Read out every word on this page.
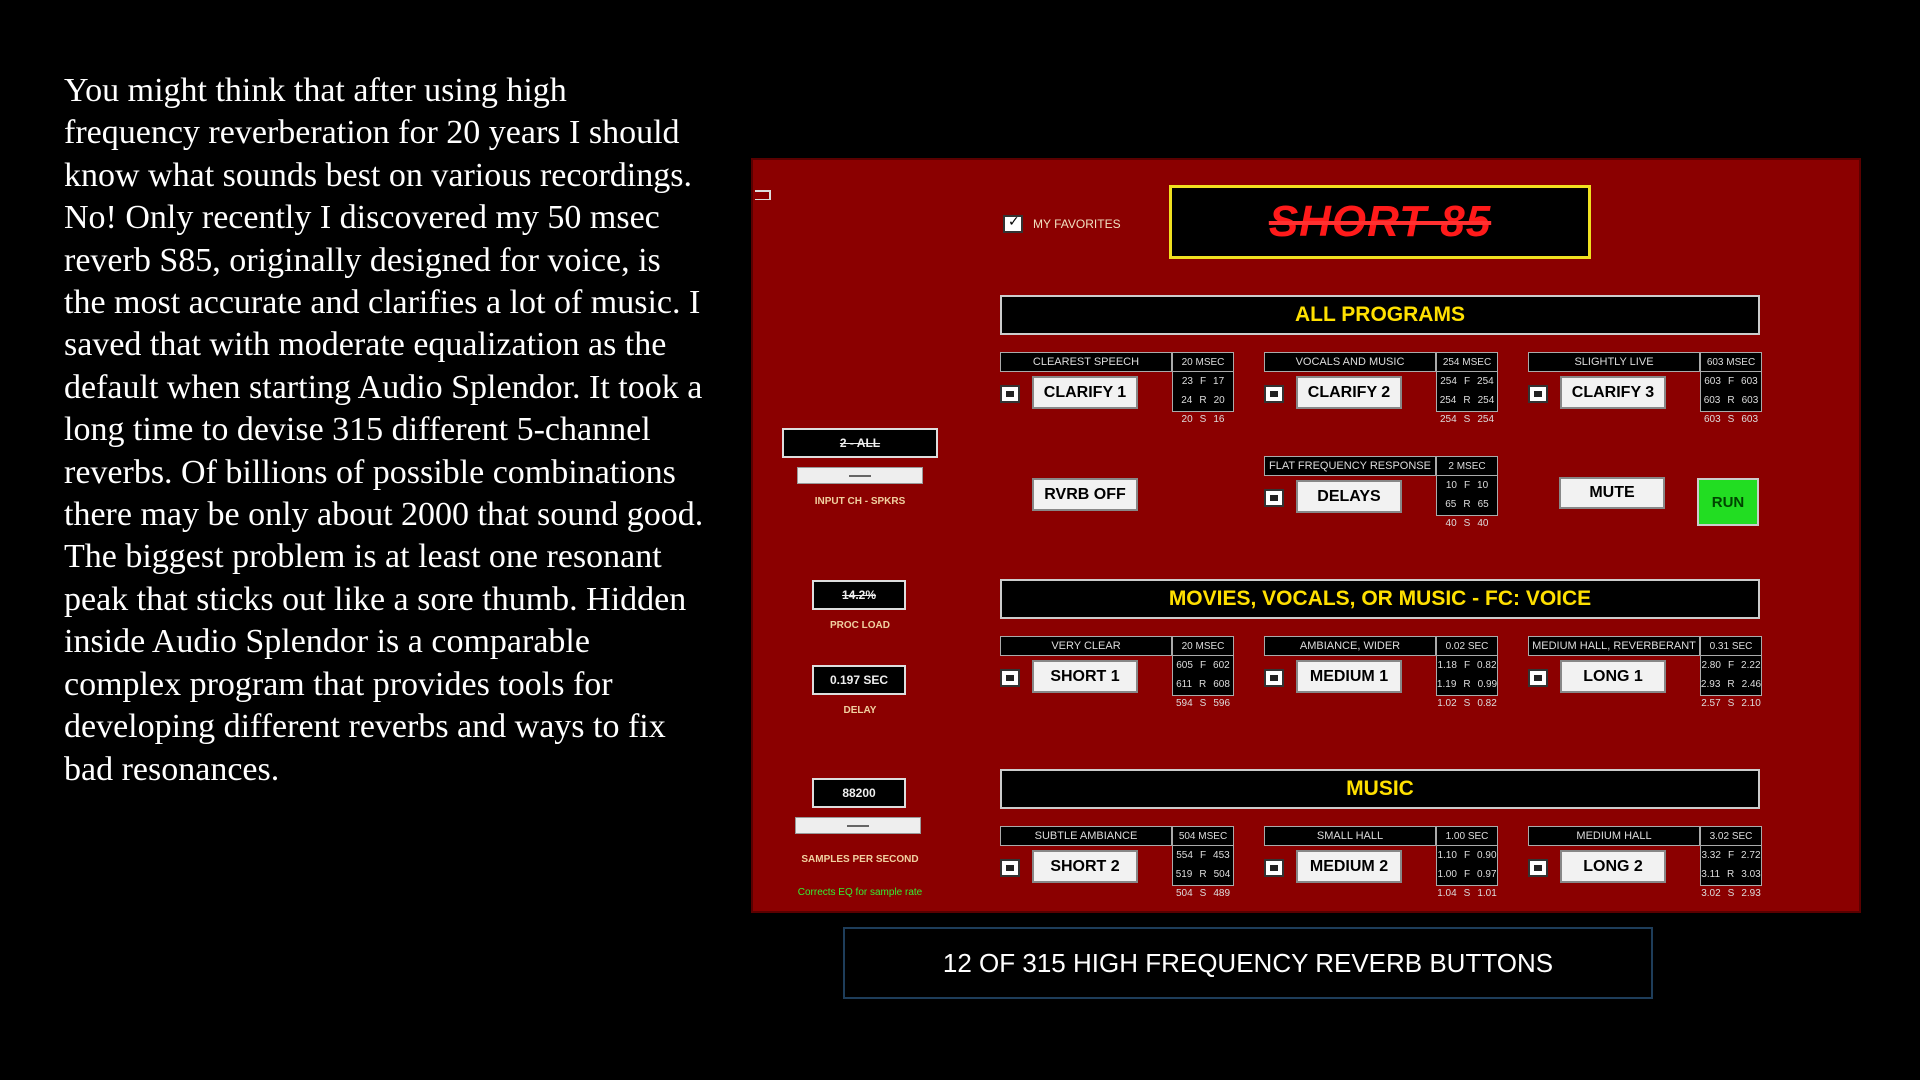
You might think that after using high frequency reverberation for 20 years I should know what sounds best on various recordings. No! Only recently I discovered my 50 msec reverb S85, originally designed for voice, is the most accurate and clarifies a lot of music. I saved that with moderate equalization as the default when starting Audio Splendor. It took a long time to devise 315 different 5-channel reverbs. Of billions of possible combinations there may be only about 2000 that sound good. The biggest problem is at least one resonant peak that sticks out like a sore thumb. Hidden inside Audio Splendor is a comparable complex program that provides tools for developing different reverbs and ways to fix bad resonances.
✓
MY FAVORITES	SHORT 85
ALL PROGRAMS
CLEAREST SPEECH
CLARIFY 1
20 MSEC
23 F 17
24 R 20
20 S 16
VOCALS AND MUSIC
CLARIFY 2
254 MSEC
254 F 254
254 R 254
254 S 254
SLIGHTLY LIVE
CLARIFY 3
603 MSEC
603 F 603
603 R 603
603 S 603
RVRB OFF
FLAT FREQUENCY RESPONSE
DELAYS
2 MSEC
10 F 10
65 R 65
40 S 40
MUTE
RUN
MOVIES, VOCALS, OR MUSIC - FC: VOICE
VERY CLEAR
SHORT 1
20 MSEC
605 F 602
611 R 608
594 S 596
AMBIANCE, WIDER
MEDIUM 1
0.02 SEC
1.18 F 0.82
1.19 R 0.99
1.02 S 0.82
MEDIUM HALL, REVERBERANT
LONG 1
0.31 SEC
2.80 F 2.22
2.93 R 2.46
2.57 S 2.10
MUSIC
SUBTLE AMBIANCE
SHORT 2
504 MSEC
554 F 453
519 R 504
504 S 489
SMALL HALL
MEDIUM 2
1.00 SEC
1.10 F 0.90
1.00 F 0.97
1.04 S 1.01
MEDIUM HALL
LONG 2
3.02 SEC
3.32 F 2.72
3.11 R 3.03
3.02 S 2.93
2 - ALL
INPUT CH - SPKRS
14.2%
PROC LOAD
0.197 SEC
DELAY
88200
SAMPLES PER SECOND
Corrects EQ for sample rate
12 OF 315 HIGH FREQUENCY REVERB BUTTONS
